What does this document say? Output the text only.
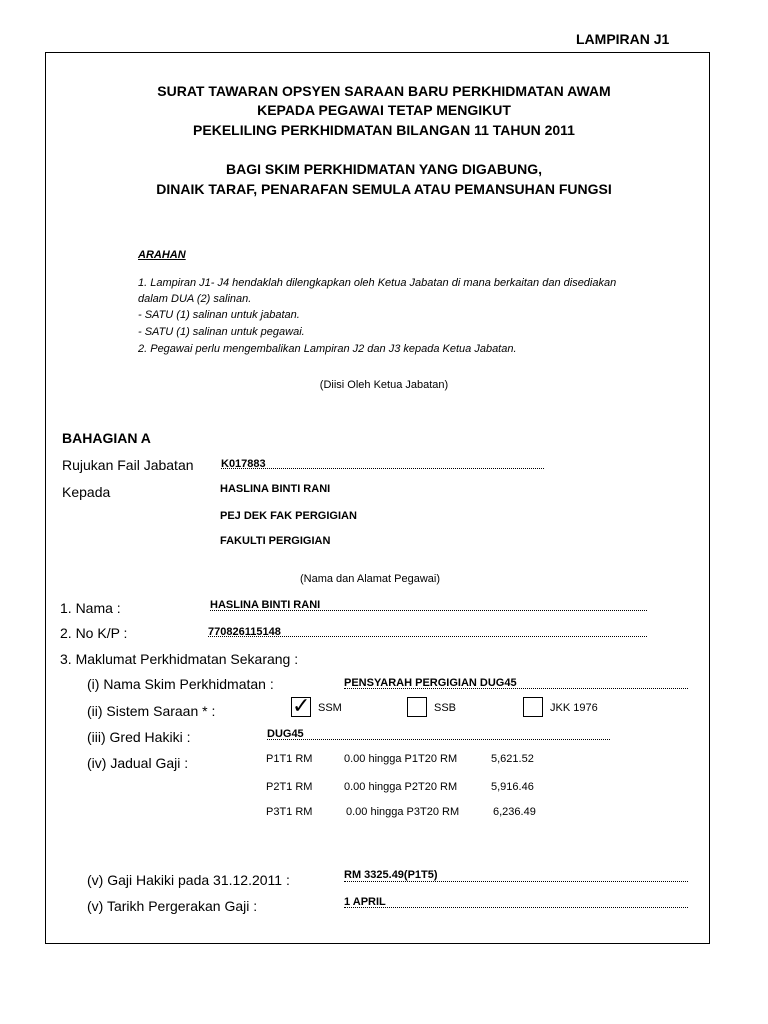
LAMPIRAN J1
SURAT TAWARAN OPSYEN SARAAN BARU PERKHIDMATAN AWAM
KEPADA PEGAWAI TETAP MENGIKUT
PEKELILING PERKHIDMATAN BILANGAN 11 TAHUN 2011
BAGI SKIM PERKHIDMATAN YANG DIGABUNG,
DINAIK TARAF, PENARAFAN SEMULA ATAU PEMANSUHAN FUNGSI
ARAHAN
1. Lampiran J1- J4 hendaklah dilengkapkan oleh Ketua Jabatan di mana berkaitan dan disediakan
dalam DUA (2) salinan.
- SATU (1) salinan untuk jabatan.
- SATU (1) salinan untuk pegawai.
2. Pegawai perlu mengembalikan Lampiran J2 dan J3 kepada Ketua Jabatan.
(Diisi Oleh Ketua Jabatan)
BAHAGIAN A
Rujukan Fail Jabatan K017883
Kepada	HASLINA BINTI RANI
PEJ DEK FAK PERGIGIAN
FAKULTI PERGIGIAN
(Nama dan Alamat Pegawai)
1. Nama :	HASLINA BINTI RANI
2. No K/P :	770826115148
3. Maklumat Perkhidmatan Sekarang :
(i) Nama Skim Perkhidmatan :	PENSYARAH PERGIGIAN DUG45
(ii) Sistem Saraan * :	✓ SSM	SSB	JKK 1976
(iii) Gred Hakiki :	DUG45
(iv) Jadual Gaji :	P1T1 RM	0.00 hingga P1T20 RM	5,621.52
P2T1 RM	0.00 hingga P2T20 RM	5,916.46
P3T1 RM	0.00 hingga P3T20 RM	6,236.49
(v) Gaji Hakiki pada 31.12.2011 :	RM 3325.49(P1T5)
(v) Tarikh Pergerakan Gaji :	1 APRIL
